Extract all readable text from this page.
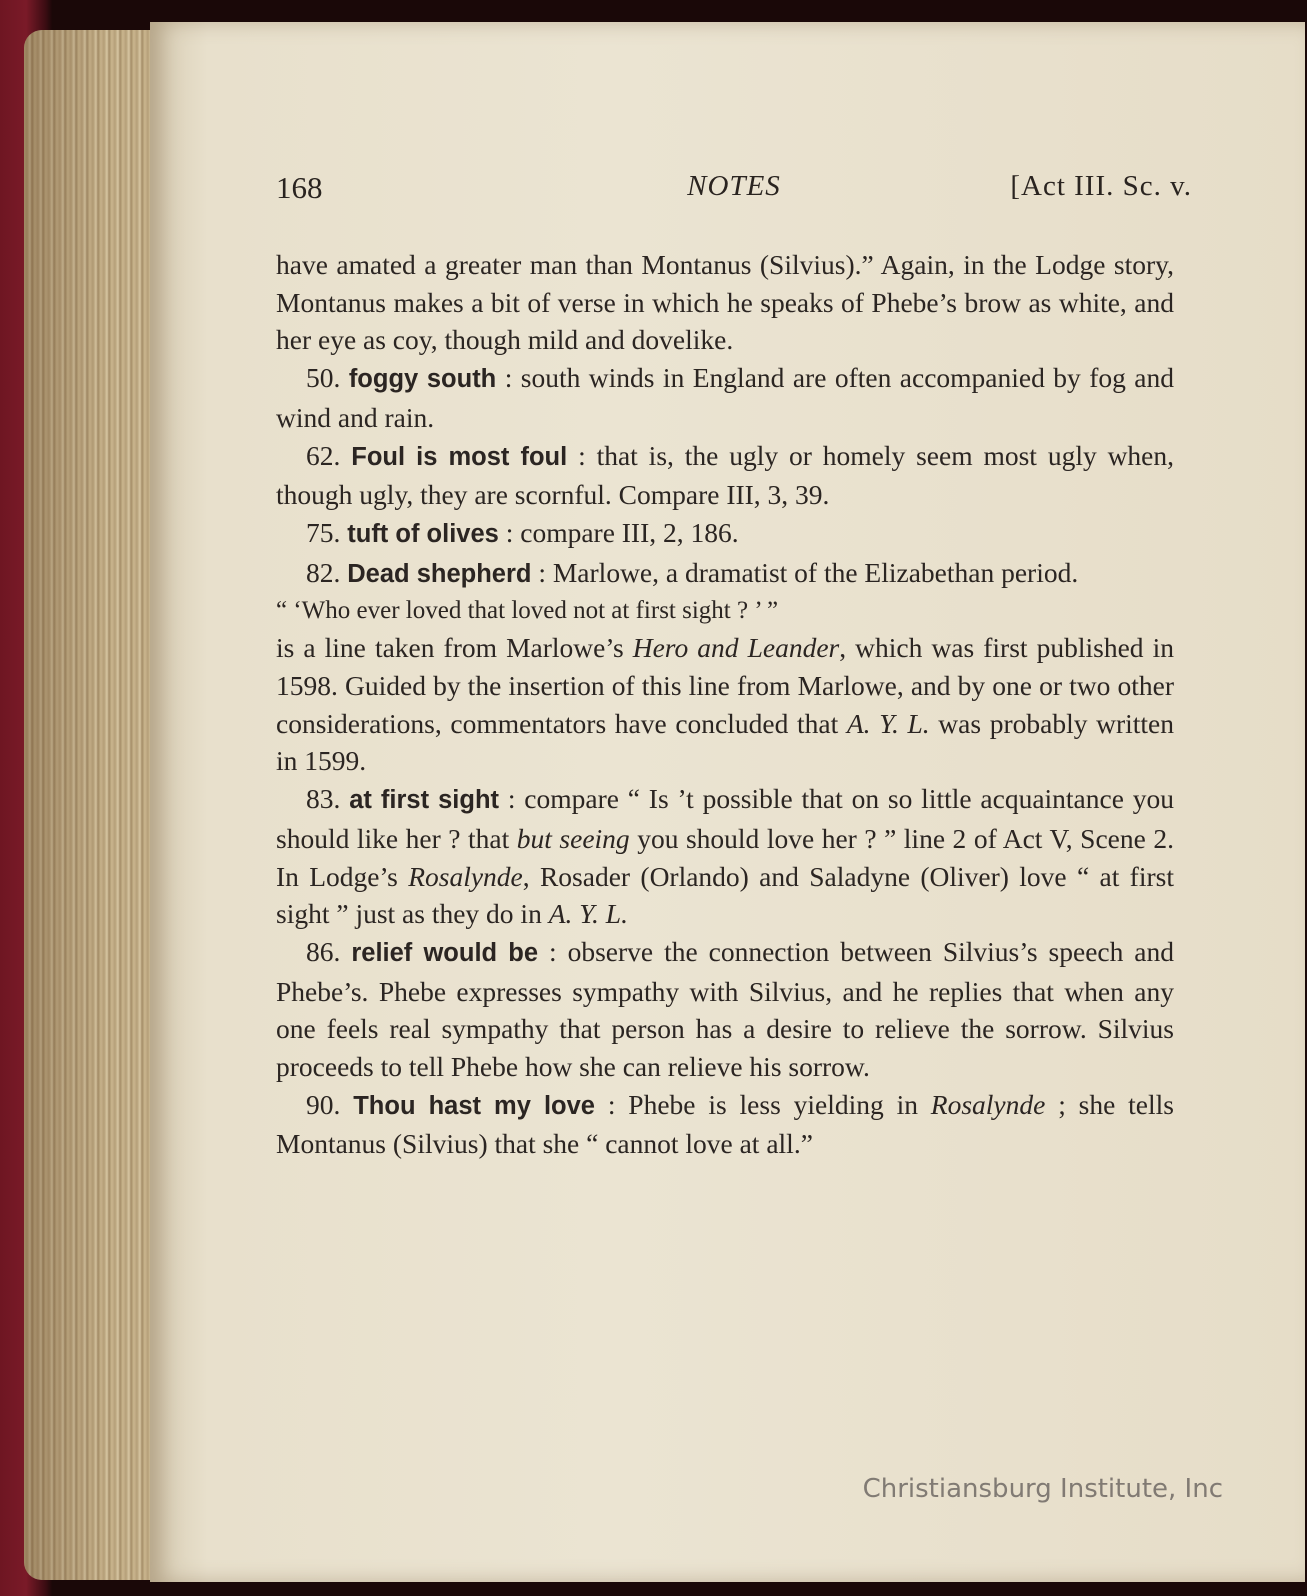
168	NOTES	[Act III. Sc. v.

have amated a greater man than Montanus (Silvius).” Again, in the Lodge story, Montanus makes a bit of verse in which he speaks of Phebe’s brow as white, and her eye as coy, though mild and dovelike.

50. foggy south : south winds in England are often accompanied by fog and wind and rain.

62. Foul is most foul : that is, the ugly or homely seem most ugly when, though ugly, they are scornful. Compare III, 3, 39.

75. tuft of olives : compare III, 2, 186.

82. Dead shepherd : Marlowe, a dramatist of the Elizabethan period.

“ ‘Who ever loved that loved not at first sight ? ’ ”

is a line taken from Marlowe’s Hero and Leander, which was first published in 1598. Guided by the insertion of this line from Marlowe, and by one or two other considerations, commentators have concluded that A. Y. L. was probably written in 1599.

83. at first sight : compare “ Is ’t possible that on so little acquaintance you should like her ? that but seeing you should love her ? ” line 2 of Act V, Scene 2. In Lodge’s Rosalynde, Rosader (Orlando) and Saladyne (Oliver) love “ at first sight ” just as they do in A. Y. L.

86. relief would be : observe the connection between Silvius’s speech and Phebe’s. Phebe expresses sympathy with Silvius, and he replies that when any one feels real sympathy that person has a desire to relieve the sorrow. Silvius proceeds to tell Phebe how she can relieve his sorrow.

90. Thou hast my love : Phebe is less yielding in Rosalynde ; she tells Montanus (Silvius) that she “ cannot love at all.”

Christiansburg Institute, Inc
